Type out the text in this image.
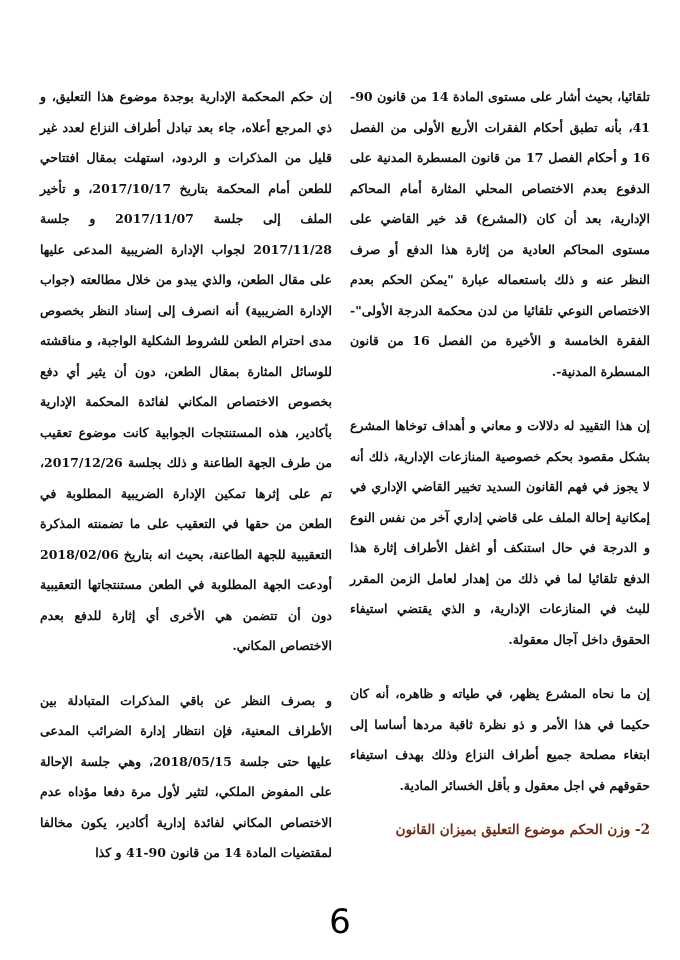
تلقائيا، بحيث أشار على مستوى المادة 14 من قانون 90-41، بأنه تطبق أحكام الفقرات الأربع الأولى من الفصل 16 و أحكام الفصل 17 من قانون المسطرة المدنية على الدفوع بعدم الاختصاص المحلي المثارة أمام المحاكم الإدارية، بعد أن كان (المشرع) قد خير القاضي على مستوى المحاكم العادية من إثارة هذا الدفع أو صرف النظر عنه و ذلك باستعماله عبارة "يمكن الحكم بعدم الاختصاص النوعي تلقائيا من لدن محكمة الدرجة الأولى"- الفقرة الخامسة و الأخيرة من الفصل 16 من قانون المسطرة المدنية-.

إن هذا التقييد له دلالات و معاني و أهداف توخاها المشرع بشكل مقصود بحكم خصوصية المنازعات الإدارية، ذلك أنه لا يجوز في فهم القانون السديد تخيير القاضي الإداري في إمكانية إحالة الملف على قاضي إداري آخر من نفس النوع و الدرجة في حال استنكف أو اغفل الأطراف إثارة هذا الدفع تلقائيا لما في ذلك من إهدار لعامل الزمن المقرر للبث في المنازعات الإدارية، و الذي يقتضي استيفاء الحقوق داخل آجال معقولة.

إن ما نحاه المشرع يظهر، في طياته و ظاهره، أنه كان حكيما في هذا الأمر و ذو نظرة ثاقبة مردها أساسا إلى ابتغاء مصلحة جميع أطراف النزاع وذلك بهدف استيفاء حقوقهم في اجل معقول و بأقل الخسائر المادية.

2- وزن الحكم موضوع التعليق بميزان القانون

إن حكم المحكمة الإدارية بوجدة موضوع هذا التعليق، و ذي المرجع أعلاه، جاء بعد تبادل أطراف النزاع لعدد غير قليل من المذكرات و الردود، استهلت بمقال افتتاحي للطعن أمام المحكمة بتاريخ 2017/10/17، و تأخير الملف إلى جلسة 2017/11/07 و جلسة 2017/11/28 لجواب الإدارة الضريبية المدعى عليها على مقال الطعن، والذي يبدو من خلال مطالعته (جواب الإدارة الضريبية) أنه انصرف إلى إسناد النظر بخصوص مدى احترام الطعن للشروط الشكلية الواجبة، و مناقشته للوسائل المثارة بمقال الطعن، دون أن يثير أي دفع بخصوص الاختصاص المكاني لفائدة المحكمة الإدارية بأكادير، هذه المستنتجات الجوابية كانت موضوع تعقيب من طرف الجهة الطاعنة و ذلك بجلسة 2017/12/26، تم على إثرها تمكين الإدارة الضريبية المطلوبة في الطعن من حقها في التعقيب على ما تضمنته المذكرة التعقيبية للجهة الطاعنة، بحيث انه بتاريخ 2018/02/06 أودعت الجهة المطلوبة في الطعن مستنتجاتها التعقيبية دون أن تتضمن هي الأخرى أي إثارة للدفع بعدم الاختصاص المكاني.

و بصرف النظر عن باقي المذكرات المتبادلة بين الأطراف المعنية، فإن انتظار إدارة الضرائب المدعى عليها حتى جلسة 2018/05/15، وهي جلسة الإحالة على المفوض الملكي، لتثير لأول مرة دفعا مؤداه عدم الاختصاص المكاني لفائدة إدارية أكادير، يكون مخالفا لمقتضيات المادة 14 من قانون 90-41 و كذا

6
